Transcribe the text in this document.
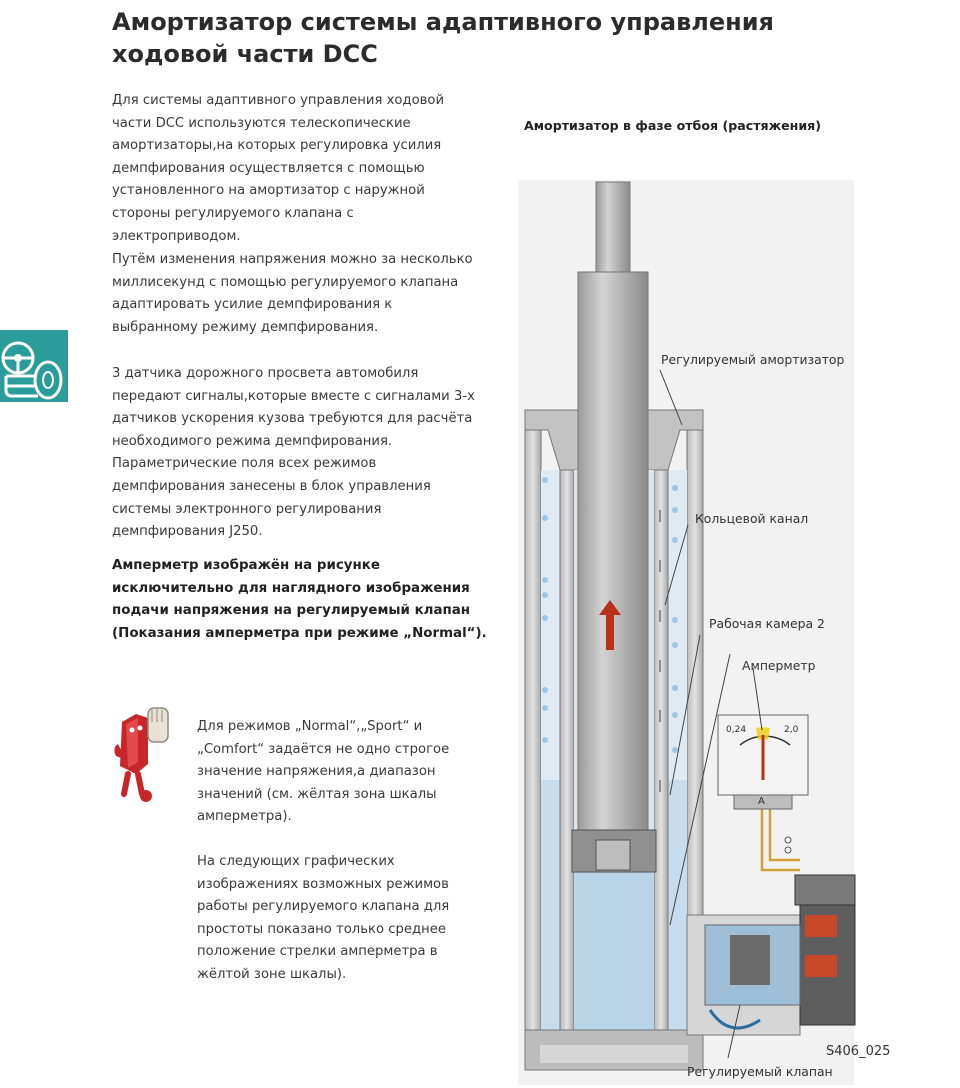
Амортизатор системы адаптивного управления ходовой части DCC

Для системы адаптивного управления ходовой части DCC используются телескопические амортизаторы,на которых регулировка усилия демпфирования осуществляется с помощью установленного на амортизатор с наружной стороны регулируемого клапана с электроприводом.

Путём изменения напряжения можно за несколько миллисекунд с помощью регулируемого клапана адаптировать усилие демпфирования к выбранному режиму демпфирования.

3 датчика дорожного просвета автомобиля передают сигналы,которые вместе с сигналами 3-х датчиков ускорения кузова требуются для расчёта необходимого режима демпфирования. Параметрические поля всех режимов демпфирования занесены в блок управления системы электронного регулирования демпфирования J250.

Амперметр изображён на рисунке исключительно для наглядного изображения подачи напряжения на регулируемый клапан (Показания амперметра при режиме „Normal“).

Для режимов „Normal“,„Sport“ и „Comfort“ задаётся не одно строгое значение напряжения,а диапазон значений (см. жёлтая зона шкалы амперметра).

На следующих графических изображениях возможных режимов работы регулируемого клапана для простоты показано только среднее положение стрелки амперметра в жёлтой зоне шкалы).

Амортизатор в фазе отбоя (растяжения)

0,24	2,0
A

Регулируемый амортизатор

Кольцевой канал

Рабочая камера 2

Амперметр

Регулируемый клапан

S406_025
